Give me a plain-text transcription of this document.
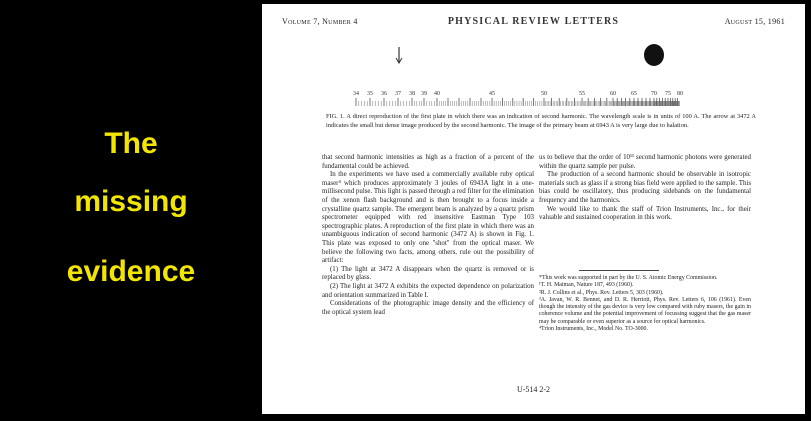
The
missing
evidence
Volume 7, Number 4	PHYSICAL REVIEW LETTERS	August 15, 1961
34 35 36 37 38 39 40	45	50	55	60	65 70 75 80
FIG. 1. A direct reproduction of the first plate in which there was an indication of second harmonic. The wavelength scale is in units of 100 A. The arrow at 3472 A indicates the small but dense image produced by the second harmonic. The image of the primary beam at 6943 A is very large due to halation.

that second harmonic intensities as high as a fraction of a percent of the fundamental could be achieved.

In the experiments we have used a commercially available ruby optical maser⁴ which produces approximately 3 joules of 6943A light in a one-millisecond pulse. This light is passed through a red filter for the elimination of the xenon flash background and is then brought to a focus inside a crystalline quartz sample. The emergent beam is analyzed by a quartz prism spectrometer equipped with red insensitive Eastman Type 103 spectrographic plates. A reproduction of the first plate in which there was an unambiguous indication of second harmonic (3472 A) is shown in Fig. 1. This plate was exposed to only one "shot" from the optical maser. We believe the following two facts, among others, rule out the possibility of artifact:

(1) The light at 3472 A disappears when the quartz is removed or is replaced by glass.

(2) The light at 3472 A exhibits the expected dependence on polarization and orientation summarized in Table I.

Considerations of the photographic image density and the efficiency of the optical system lead

us to believe that the order of 10¹¹ second harmonic photons were generated within the quartz sample per pulse.

The production of a second harmonic should be observable in isotropic materials such as glass if a strong bias field were applied to the sample. This bias could be oscillatory, thus producing sidebands on the fundamental frequency and the harmonics.

We would like to thank the staff of Trion Instruments, Inc., for their valuable and sustained cooperation in this work.

*This work was supported in part by the U. S. Atomic Energy Commission.

¹T. H. Maiman, Nature 187, 493 (1960).

²R. J. Collins et al., Phys. Rev. Letters 5, 303 (1960).

³A. Javan, W. R. Bennet, and D. R. Herriott, Phys. Rev. Letters 6, 106 (1961). Even though the intensity of the gas device is very low compared with ruby masers, the gain in coherence volume and the potential improvement of focussing suggest that the gas maser may be comparable or even superior as a source for optical harmonics.

⁴Trion Instruments, Inc., Model No. TO-3000.

U-514 2-2
